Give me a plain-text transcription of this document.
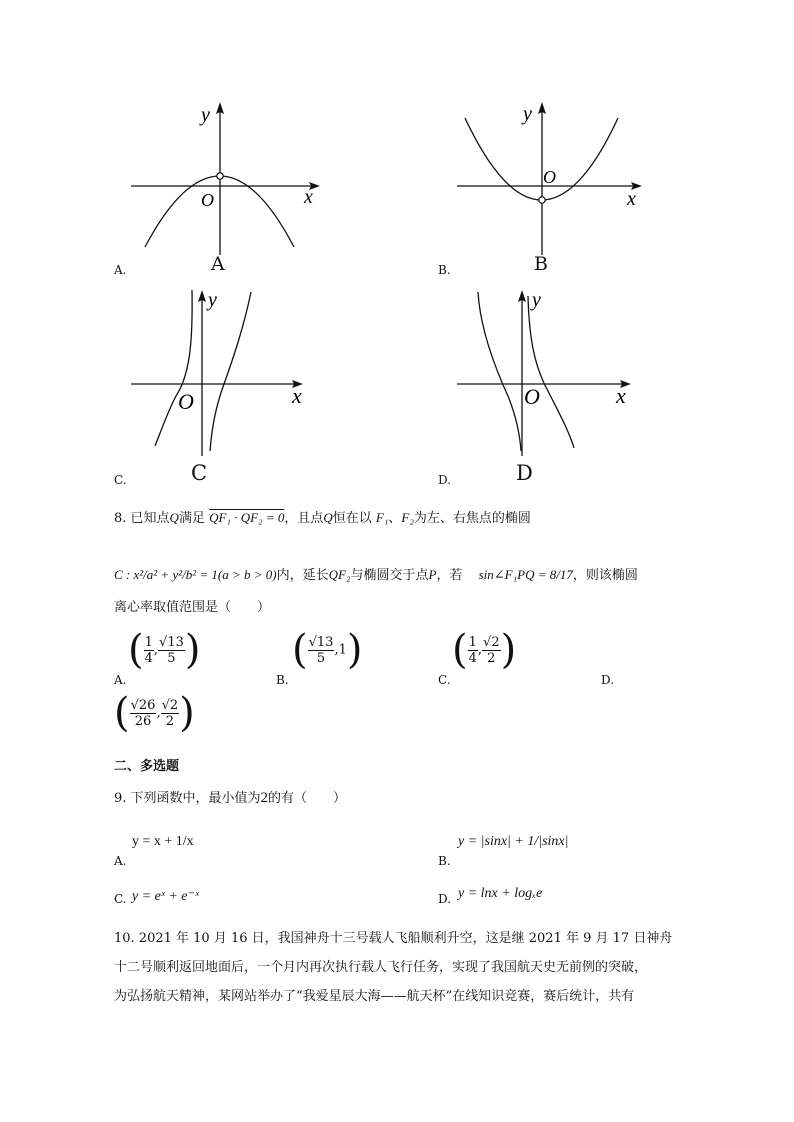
y
O	x
A.	A
y
O
x
B.	B
y
O	x
C.	C
y
O	x
D.	D
8. 已知点Q满足 QF₁ · QF₂ = 0，且点Q恒在以 F₁、F₂为左、右焦点的椭圆
C : x²/a² + y²/b² = 1(a > b > 0)内，延长QF₂与椭圆交于点P，若 sin∠F₁PQ = 8/17，则该椭圆
离心率取值范围是（　　）
A.
( $\frac{1}{4}$ , $\frac{√13}{5}$ )
B.
( $\frac{√13}{5} ,1$)
C.
( $\frac{1}{4}$ , $\frac{√2}{2}$ )
D.
( $\frac{√26}{26}$ , $\frac{√2}{2}$ )
二、多选题
9. 下列函数中，最小值为2的有（　　）
A.
y = x + 1/x
B.
y = |sinx| + 1/|sinx|
C. y = eˣ + e⁻ˣ	D. y = lnx + logₓe
10. 2021 年 10 月 16 日，我国神舟十三号载人飞船顺利升空，这是继 2021 年 9 月 17 日神舟
十二号顺利返回地面后，一个月内再次执行载人飞行任务，实现了我国航天史无前例的突破，
为弘扬航天精神，某网站举办了“我爱星辰大海——航天杯”在线知识竞赛，赛后统计，共有
